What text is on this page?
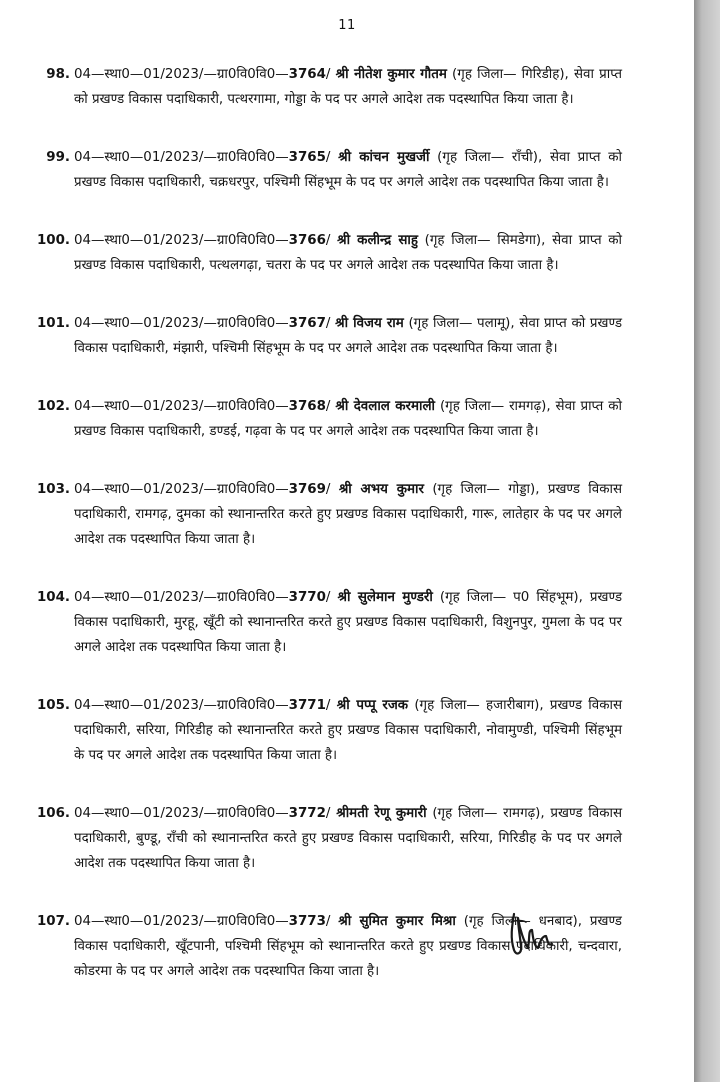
11
98. 04—स्था0—01/2023/—ग्रा0वि0वि0—3764/ श्री नीतेश कुमार गौतम (गृह जिला— गिरिडीह), सेवा प्राप्त को प्रखण्ड विकास पदाधिकारी, पत्थरगामा, गोड्डा के पद पर अगले आदेश तक पदस्थापित किया जाता है।
99. 04—स्था0—01/2023/—ग्रा0वि0वि0—3765/ श्री कांचन मुखर्जी (गृह जिला— राँची), सेवा प्राप्त को प्रखण्ड विकास पदाधिकारी, चक्रधरपुर, पश्चिमी सिंहभूम के पद पर अगले आदेश तक पदस्थापित किया जाता है।
100. 04—स्था0—01/2023/—ग्रा0वि0वि0—3766/ श्री कलीन्द्र साहु (गृह जिला— सिमडेगा), सेवा प्राप्त को प्रखण्ड विकास पदाधिकारी, पत्थलगढ़ा, चतरा के पद पर अगले आदेश तक पदस्थापित किया जाता है।
101. 04—स्था0—01/2023/—ग्रा0वि0वि0—3767/ श्री विजय राम (गृह जिला— पलामू), सेवा प्राप्त को प्रखण्ड विकास पदाधिकारी, मंझारी, पश्चिमी सिंहभूम के पद पर अगले आदेश तक पदस्थापित किया जाता है।
102. 04—स्था0—01/2023/—ग्रा0वि0वि0—3768/ श्री देवलाल करमाली (गृह जिला— रामगढ़), सेवा प्राप्त को प्रखण्ड विकास पदाधिकारी, डण्डई, गढ़वा के पद पर अगले आदेश तक पदस्थापित किया जाता है।
103. 04—स्था0—01/2023/—ग्रा0वि0वि0—3769/ श्री अभय कुमार (गृह जिला— गोड्डा), प्रखण्ड विकास पदाधिकारी, रामगढ़, दुमका को स्थानान्तरित करते हुए प्रखण्ड विकास पदाधिकारी, गारू, लातेहार के पद पर अगले आदेश तक पदस्थापित किया जाता है।
104. 04—स्था0—01/2023/—ग्रा0वि0वि0—3770/ श्री सुलेमान मुण्डरी (गृह जिला— प0 सिंहभूम), प्रखण्ड विकास पदाधिकारी, मुरहू, खूँटी को स्थानान्तरित करते हुए प्रखण्ड विकास पदाधिकारी, विशुनपुर, गुमला के पद पर अगले आदेश तक पदस्थापित किया जाता है।
105. 04—स्था0—01/2023/—ग्रा0वि0वि0—3771/ श्री पप्पू रजक (गृह जिला— हजारीबाग), प्रखण्ड विकास पदाधिकारी, सरिया, गिरिडीह को स्थानान्तरित करते हुए प्रखण्ड विकास पदाधिकारी, नोवामुण्डी, पश्चिमी सिंहभूम के पद पर अगले आदेश तक पदस्थापित किया जाता है।
106. 04—स्था0—01/2023/—ग्रा0वि0वि0—3772/ श्रीमती रेणू कुमारी (गृह जिला— रामगढ़), प्रखण्ड विकास पदाधिकारी, बुण्डू, राँची को स्थानान्तरित करते हुए प्रखण्ड विकास पदाधिकारी, सरिया, गिरिडीह के पद पर अगले आदेश तक पदस्थापित किया जाता है।
107. 04—स्था0—01/2023/—ग्रा0वि0वि0—3773/ श्री सुमित कुमार मिश्रा (गृह जिला— धनबाद), प्रखण्ड विकास पदाधिकारी, खूँटपानी, पश्चिमी सिंहभूम को स्थानान्तरित करते हुए प्रखण्ड विकास पदाधिकारी, चन्दवारा, कोडरमा के पद पर अगले आदेश तक पदस्थापित किया जाता है।
